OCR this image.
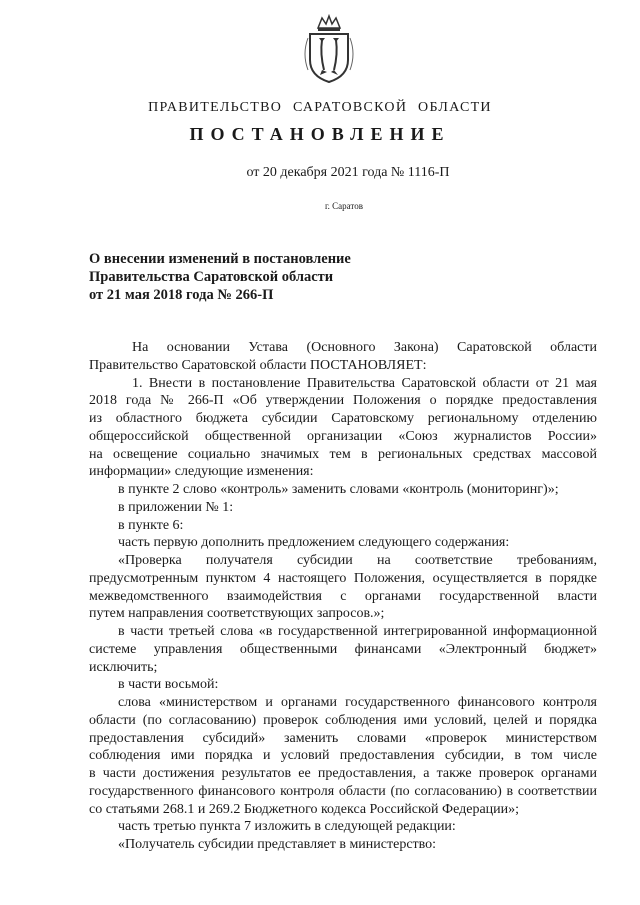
ПРАВИТЕЛЬСТВО САРАТОВСКОЙ ОБЛАСТИ
ПОСТАНОВЛЕНИЕ
от 20 декабря 2021 года № 1116-П
г. Саратов
О внесении изменений в постановление
Правительства Саратовской области
от 21 мая 2018 года № 266-П
На основании Устава (Основного Закона) Саратовской области
Правительство Саратовской области ПОСТАНОВЛЯЕТ:
1. Внести в постановление Правительства Саратовской области от 21 мая
2018 года № 266-П «Об утверждении Положения о порядке предоставления
из областного бюджета субсидии Саратовскому региональному отделению
общероссийской общественной организации «Союз журналистов России»
на освещение социально значимых тем в региональных средствах массовой
информации» следующие изменения:
в пункте 2 слово «контроль» заменить словами «контроль (мониторинг)»;
в приложении № 1:
в пункте 6:
часть первую дополнить предложением следующего содержания:
«Проверка получателя субсидии на соответствие требованиям,
предусмотренным пунктом 4 настоящего Положения, осуществляется в порядке
межведомственного взаимодействия с органами государственной власти
путем направления соответствующих запросов.»;
в части третьей слова «в государственной интегрированной информационной
системе управления общественными финансами «Электронный бюджет»
исключить;
в части восьмой:
слова «министерством и органами государственного финансового контроля
области (по согласованию) проверок соблюдения ими условий, целей и порядка
предоставления субсидий» заменить словами «проверок министерством
соблюдения ими порядка и условий предоставления субсидии, в том числе
в части достижения результатов ее предоставления, а также проверок органами
государственного финансового контроля области (по согласованию) в соответствии
со статьями 268.1 и 269.2 Бюджетного кодекса Российской Федерации»;
часть третью пункта 7 изложить в следующей редакции:
«Получатель субсидии представляет в министерство:
